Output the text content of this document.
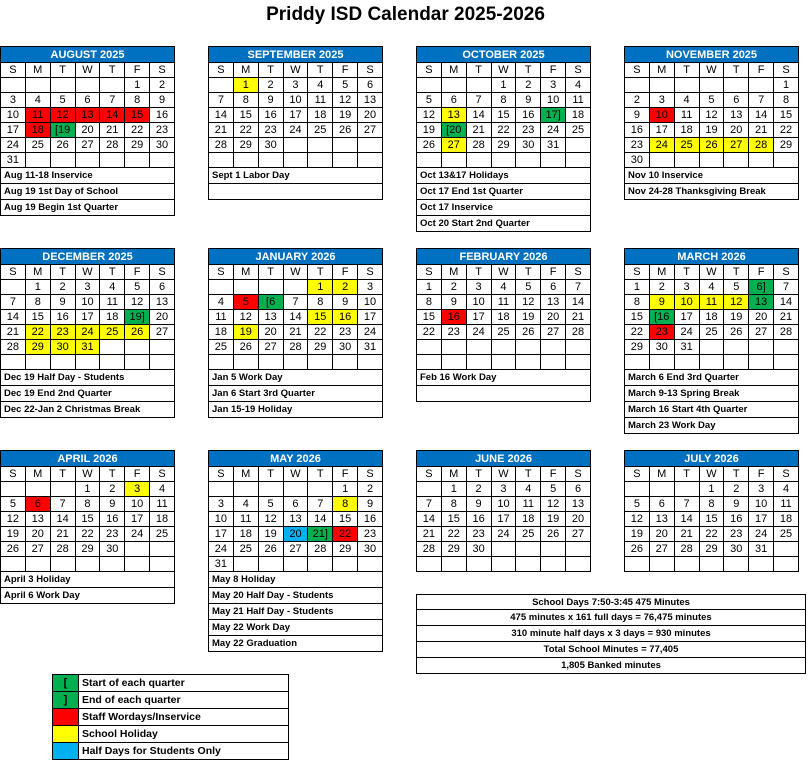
Priddy ISD Calendar 2025-2026
AUGUST 2025
S	M	T	W	T	F	S
					1	2
3	4	5	6	7	8	9
10	11	12	13	14	15	16
17	18	[19	20	21	22	23
24	25	26	27	28	29	30
31						
Aug 11-18 Inservice
Aug 19 1st Day of School
Aug 19 Begin 1st Quarter
SEPTEMBER 2025
S	M	T	W	T	F	S
	1	2	3	4	5	6
7	8	9	10	11	12	13
14	15	16	17	18	19	20
21	22	23	24	25	26	27
28	29	30				

Sept 1 Labor Day
OCTOBER 2025
S	M	T	W	T	F	S
			1	2	3	4
5	6	7	8	9	10	11
12	13	14	15	16	17]	18
19	[20	21	22	23	24	25
26	27	28	29	30	31	

Oct 13&17 Holidays
Oct 17 End 1st Quarter
Oct 17 Inservice
Oct 20 Start 2nd Quarter
NOVEMBER 2025
S	M	T	W	T	F	S
						1
2	3	4	5	6	7	8
9	10	11	12	13	14	15
16	17	18	19	20	21	22
23	24	25	26	27	28	29
30						
Nov 10 Inservice
Nov 24-28 Thanksgiving Break
DECEMBER 2025
S	M	T	W	T	F	S
	1	2	3	4	5	6
7	8	9	10	11	12	13
14	15	16	17	18	19]	20
21	22	23	24	25	26	27
28	29	30	31			

Dec 19 Half Day - Students
Dec 19 End 2nd Quarter
Dec 22-Jan 2 Christmas Break
JANUARY 2026
S	M	T	W	T	F	S
				1	2	3
4	5	[6	7	8	9	10
11	12	13	14	15	16	17
18	19	20	21	22	23	24
25	26	27	28	29	30	31

Jan 5 Work Day
Jan 6 Start 3rd Quarter
Jan 15-19 Holiday
FEBRUARY 2026
S	M	T	W	T	F	S
1	2	3	4	5	6	7
8	9	10	11	12	13	14
15	16	17	18	19	20	21
22	23	24	25	26	27	28

Feb 16 Work Day
MARCH 2026
S	M	T	W	T	F	S
1	2	3	4	5	6]	7
8	9	10	11	12	13	14
15	[16	17	18	19	20	21
22	23	24	25	26	27	28
29	30	31				

March 6 End 3rd Quarter
March 9-13 Spring Break
March 16 Start 4th Quarter
March 23 Work Day
APRIL 2026
S	M	T	W	T	F	S
			1	2	3	4
5	6	7	8	9	10	11
12	13	14	15	16	17	18
19	20	21	22	23	24	25
26	27	28	29	30		

April 3 Holiday
April 6 Work Day
MAY 2026
S	M	T	W	T	F	S
					1	2
3	4	5	6	7	8	9
10	11	12	13	14	15	16
17	18	19	20	21]	22	23
24	25	26	27	28	29	30
31						
May 8 Holiday
May 20 Half Day - Students
May 21 Half Day - Students
May 22 Work Day
May 22 Graduation
JUNE 2026
S	M	T	W	T	F	S
	1	2	3	4	5	6
7	8	9	10	11	12	13
14	15	16	17	18	19	20
21	22	23	24	25	26	27
28	29	30				

JULY 2026
S	M	T	W	T	F	S
			1	2	3	4
5	6	7	8	9	10	11
12	13	14	15	16	17	18
19	20	21	22	23	24	25
26	27	28	29	30	31	

School Days 7:50-3:45 475 Minutes
475 minutes x 161 full days = 76,475 minutes
310 minute half days x 3 days = 930 minutes
Total School Minutes = 77,405
1,805 Banked minutes
[	Start of each quarter
]	End of each quarter
Staff Wordays/Inservice
School Holiday
Half Days for Students Only
